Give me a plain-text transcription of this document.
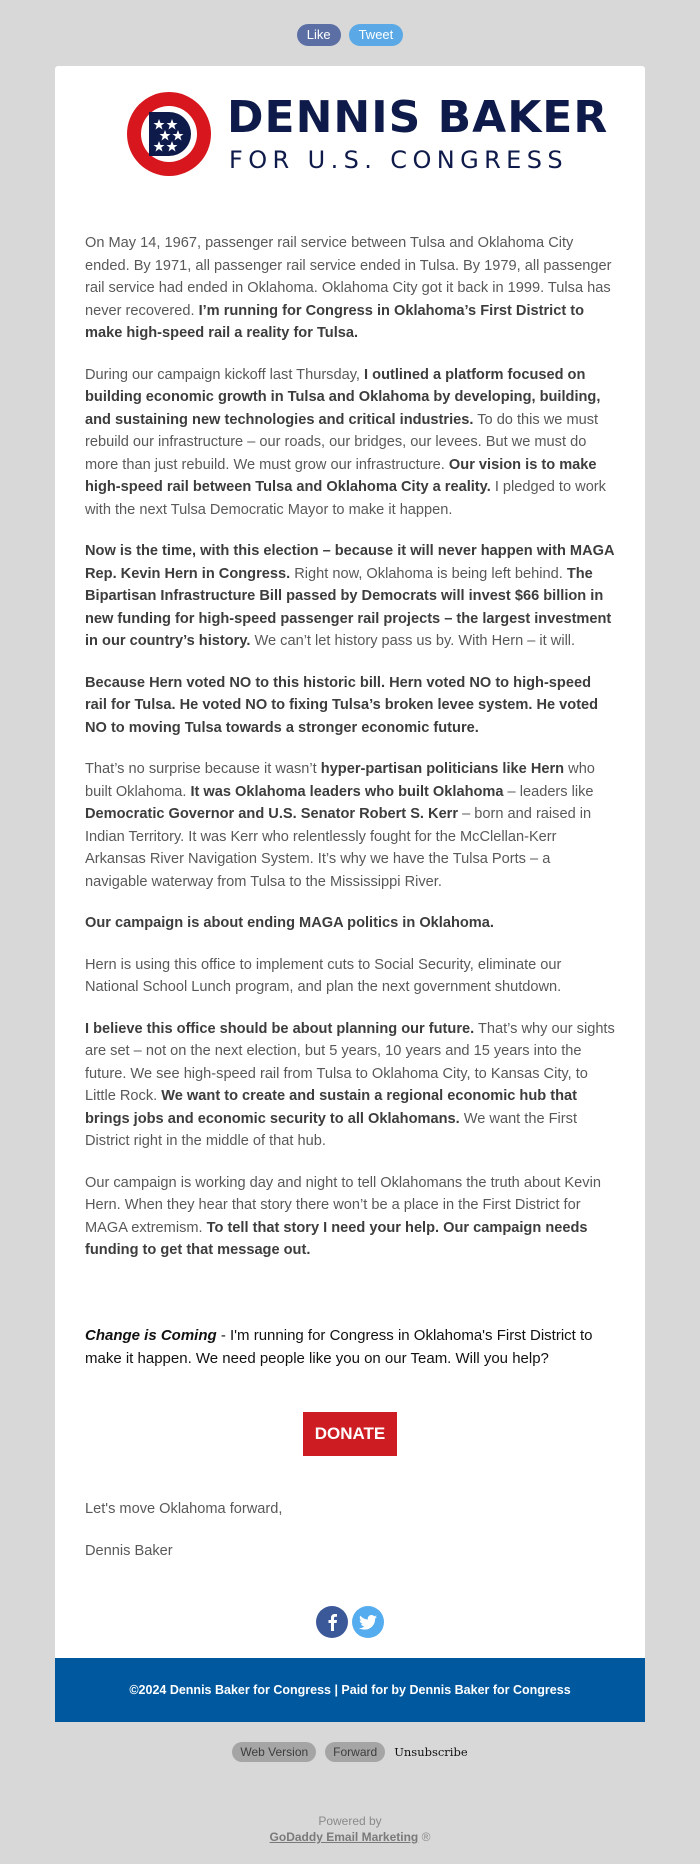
Like	Tweet
DENNIS BAKER
FOR U.S. CONGRESS

On May 14, 1967, passenger rail service between Tulsa and Oklahoma City ended. By 1971, all passenger rail service ended in Tulsa. By 1979, all passenger rail service had ended in Oklahoma. Oklahoma City got it back in 1999. Tulsa has never recovered. I’m running for Congress in Oklahoma’s First District to make high-speed rail a reality for Tulsa.

During our campaign kickoff last Thursday, I outlined a platform focused on building economic growth in Tulsa and Oklahoma by developing, building, and sustaining new technologies and critical industries. To do this we must rebuild our infrastructure – our roads, our bridges, our levees. But we must do more than just rebuild. We must grow our infrastructure. Our vision is to make high-speed rail between Tulsa and Oklahoma City a reality. I pledged to work with the next Tulsa Democratic Mayor to make it happen.

Now is the time, with this election – because it will never happen with MAGA Rep. Kevin Hern in Congress. Right now, Oklahoma is being left behind. The Bipartisan Infrastructure Bill passed by Democrats will invest $66 billion in new funding for high-speed passenger rail projects – the largest investment in our country’s history. We can’t let history pass us by. With Hern – it will.

Because Hern voted NO to this historic bill. Hern voted NO to high-speed rail for Tulsa. He voted NO to fixing Tulsa’s broken levee system. He voted NO to moving Tulsa towards a stronger economic future.

That’s no surprise because it wasn’t hyper-partisan politicians like Hern who built Oklahoma. It was Oklahoma leaders who built Oklahoma – leaders like Democratic Governor and U.S. Senator Robert S. Kerr – born and raised in Indian Territory. It was Kerr who relentlessly fought for the McClellan-Kerr Arkansas River Navigation System. It’s why we have the Tulsa Ports – a navigable waterway from Tulsa to the Mississippi River.

Our campaign is about ending MAGA politics in Oklahoma.

Hern is using this office to implement cuts to Social Security, eliminate our National School Lunch program, and plan the next government shutdown.

I believe this office should be about planning our future. That’s why our sights are set – not on the next election, but 5 years, 10 years and 15 years into the future. We see high-speed rail from Tulsa to Oklahoma City, to Kansas City, to Little Rock. We want to create and sustain a regional economic hub that brings jobs and economic security to all Oklahomans. We want the First District right in the middle of that hub.

Our campaign is working day and night to tell Oklahomans the truth about Kevin Hern. When they hear that story there won’t be a place in the First District for MAGA extremism. To tell that story I need your help. Our campaign needs funding to get that message out.

Change is Coming - I'm running for Congress in Oklahoma's First District to make it happen. We need people like you on our Team. Will you help?
DONATE
Let's move Oklahoma forward,
Dennis Baker
©2024 Dennis Baker for Congress | Paid for by Dennis Baker for Congress
Web Version	Forward	Unsubscribe
Powered by
GoDaddy Email Marketing ®
